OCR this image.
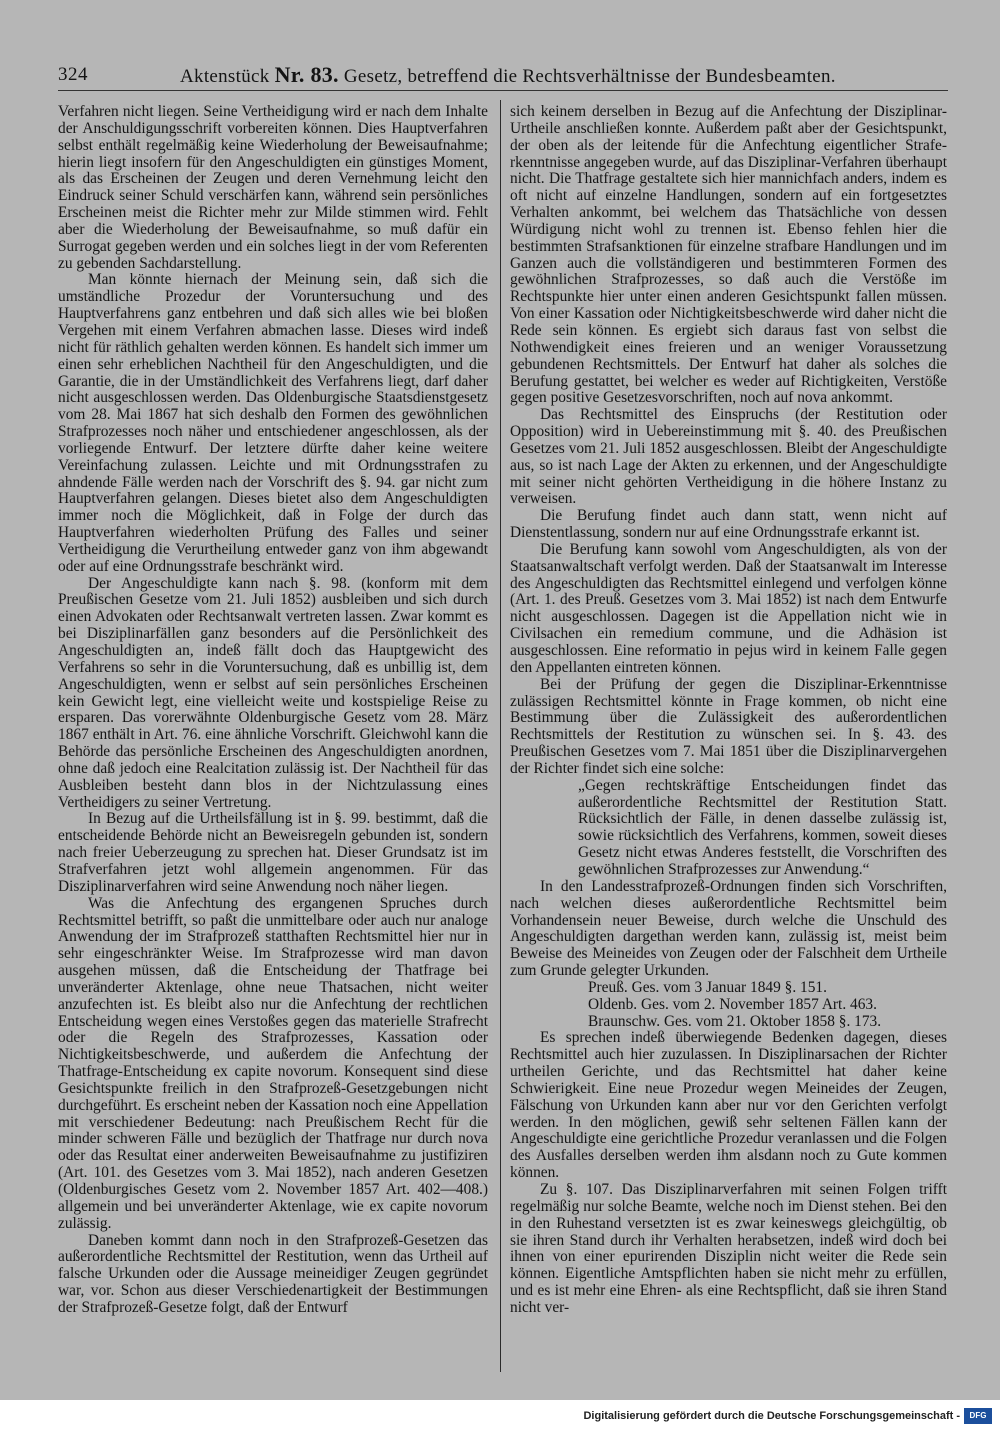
324	Aktenstück Nr. 83. Gesetz, betreffend die Rechtsverhältnisse der Bundesbeamten.

Verfahren nicht liegen. Seine Vertheidigung wird er nach dem Inhalte der Anschuldigungsschrift vorbereiten können. Dies Hauptverfahren selbst enthält regelmäßig keine Wiederholung der Beweisaufnahme; hierin liegt insofern für den Angeschuldigten ein günstiges Moment, als das Erscheinen der Zeugen und deren Vernehmung leicht den Eindruck seiner Schuld verschärfen kann, während sein persönliches Erscheinen meist die Richter mehr zur Milde stimmen wird. Fehlt aber die Wiederholung der Beweisaufnahme, so muß dafür ein Surrogat gegeben werden und ein solches liegt in der vom Referenten zu gebenden Sachdarstellung.

Man könnte hiernach der Meinung sein, daß sich die umständliche Prozedur der Voruntersuchung und des Hauptverfahrens ganz entbehren und daß sich alles wie bei bloßen Vergehen mit einem Verfahren abmachen lasse. Dieses wird indeß nicht für räthlich gehalten werden können. Es handelt sich immer um einen sehr erheblichen Nachtheil für den Angeschuldigten, und die Garantie, die in der Umständlichkeit des Verfahrens liegt, darf daher nicht ausgeschlossen werden. Das Oldenburgische Staatsdienstgesetz vom 28. Mai 1867 hat sich deshalb den Formen des gewöhnlichen Strafprozesses noch näher und entschiedener angeschlossen, als der vorliegende Entwurf. Der letztere dürfte daher keine weitere Vereinfachung zulassen. Leichte und mit Ordnungsstrafen zu ahndende Fälle werden nach der Vorschrift des §. 94. gar nicht zum Hauptverfahren gelangen. Dieses bietet also dem Angeschuldigten immer noch die Möglichkeit, daß in Folge der durch das Hauptverfahren wiederholten Prüfung des Falles und seiner Vertheidigung die Verurtheilung entweder ganz von ihm abgewandt oder auf eine Ordnungsstrafe beschränkt wird.

Der Angeschuldigte kann nach §. 98. (konform mit dem Preußischen Gesetze vom 21. Juli 1852) ausbleiben und sich durch einen Advokaten oder Rechtsanwalt vertreten lassen. Zwar kommt es bei Disziplinarfällen ganz besonders auf die Persönlichkeit des Angeschuldigten an, indeß fällt doch das Hauptgewicht des Verfahrens so sehr in die Voruntersuchung, daß es unbillig ist, dem Angeschuldigten, wenn er selbst auf sein persönliches Erscheinen kein Gewicht legt, eine vielleicht weite und kostspielige Reise zu ersparen. Das vorerwähnte Oldenburgische Gesetz vom 28. März 1867 enthält in Art. 76. eine ähnliche Vorschrift. Gleichwohl kann die Behörde das persönliche Erscheinen des Angeschuldigten anordnen, ohne daß jedoch eine Realcitation zulässig ist. Der Nachtheil für das Ausbleiben besteht dann blos in der Nichtzulassung eines Vertheidigers zu seiner Vertretung.

In Bezug auf die Urtheilsfällung ist in §. 99. bestimmt, daß die entscheidende Behörde nicht an Beweisregeln gebunden ist, sondern nach freier Ueberzeugung zu sprechen hat. Dieser Grundsatz ist im Strafverfahren jetzt wohl allgemein angenommen. Für das Disziplinarverfahren wird seine Anwendung noch näher liegen.

Was die Anfechtung des ergangenen Spruches durch Rechtsmittel betrifft, so paßt die unmittelbare oder auch nur analoge Anwendung der im Strafprozeß statthaften Rechtsmittel hier nur in sehr eingeschränkter Weise. Im Strafprozesse wird man davon ausgehen müssen, daß die Entscheidung der Thatfrage bei unveränderter Aktenlage, ohne neue Thatsachen, nicht weiter anzufechten ist. Es bleibt also nur die Anfechtung der rechtlichen Entscheidung wegen eines Verstoßes gegen das materielle Strafrecht oder die Regeln des Strafprozesses, Kassation oder Nichtigkeitsbeschwerde, und außerdem die Anfechtung der Thatfrage-Entscheidung ex capite novorum. Konsequent sind diese Gesichtspunkte freilich in den Strafprozeß-Gesetzgebungen nicht durchgeführt. Es erscheint neben der Kassation noch eine Appellation mit verschiedener Bedeutung: nach Preußischem Recht für die minder schweren Fälle und bezüglich der Thatfrage nur durch nova oder das Resultat einer anderweiten Beweisaufnahme zu justifiziren (Art. 101. des Gesetzes vom 3. Mai 1852), nach anderen Gesetzen (Oldenburgisches Gesetz vom 2. November 1857 Art. 402—408.) allgemein und bei unveränderter Aktenlage, wie ex capite novorum zulässig.

Daneben kommt dann noch in den Strafprozeß-Gesetzen das außerordentliche Rechtsmittel der Restitution, wenn das Urtheil auf falsche Urkunden oder die Aussage meineidiger Zeugen gegründet war, vor. Schon aus dieser Verschiedenartigkeit der Bestimmungen der Strafprozeß-Gesetze folgt, daß der Entwurf

sich keinem derselben in Bezug auf die Anfechtung der Disziplinar-Urtheile anschließen konnte. Außerdem paßt aber der Gesichtspunkt, der oben als der leitende für die Anfechtung eigentlicher Straferkenntnisse angegeben wurde, auf das Disziplinar-Verfahren überhaupt nicht. Die Thatfrage gestaltete sich hier mannichfach anders, indem es oft nicht auf einzelne Handlungen, sondern auf ein fortgesetztes Verhalten ankommt, bei welchem das Thatsächliche von dessen Würdigung nicht wohl zu trennen ist. Ebenso fehlen hier die bestimmten Strafsanktionen für einzelne strafbare Handlungen und im Ganzen auch die vollständigeren und bestimmteren Formen des gewöhnlichen Strafprozesses, so daß auch die Verstöße im Rechtspunkte hier unter einen anderen Gesichtspunkt fallen müssen. Von einer Kassation oder Nichtigkeitsbeschwerde wird daher nicht die Rede sein können. Es ergiebt sich daraus fast von selbst die Nothwendigkeit eines freieren und an weniger Voraussetzung gebundenen Rechtsmittels. Der Entwurf hat daher als solches die Berufung gestattet, bei welcher es weder auf Richtigkeiten, Verstöße gegen positive Gesetzesvorschriften, noch auf nova ankommt.

Das Rechtsmittel des Einspruchs (der Restitution oder Opposition) wird in Uebereinstimmung mit §. 40. des Preußischen Gesetzes vom 21. Juli 1852 ausgeschlossen. Bleibt der Angeschuldigte aus, so ist nach Lage der Akten zu erkennen, und der Angeschuldigte mit seiner nicht gehörten Vertheidigung in die höhere Instanz zu verweisen.

Die Berufung findet auch dann statt, wenn nicht auf Dienstentlassung, sondern nur auf eine Ordnungsstrafe erkannt ist.

Die Berufung kann sowohl vom Angeschuldigten, als von der Staatsanwaltschaft verfolgt werden. Daß der Staatsanwalt im Interesse des Angeschuldigten das Rechtsmittel einlegend und verfolgen könne (Art. 1. des Preuß. Gesetzes vom 3. Mai 1852) ist nach dem Entwurfe nicht ausgeschlossen. Dagegen ist die Appellation nicht wie in Civilsachen ein remedium commune, und die Adhäsion ist ausgeschlossen. Eine reformatio in pejus wird in keinem Falle gegen den Appellanten eintreten können.

Bei der Prüfung der gegen die Disziplinar-Erkenntnisse zulässigen Rechtsmittel könnte in Frage kommen, ob nicht eine Bestimmung über die Zulässigkeit des außerordentlichen Rechtsmittels der Restitution zu wünschen sei. In §. 43. des Preußischen Gesetzes vom 7. Mai 1851 über die Disziplinarvergehen der Richter findet sich eine solche:

„Gegen rechtskräftige Entscheidungen findet das außerordentliche Rechtsmittel der Restitution Statt. Rücksichtlich der Fälle, in denen dasselbe zulässig ist, sowie rücksichtlich des Verfahrens, kommen, soweit dieses Gesetz nicht etwas Anderes feststellt, die Vorschriften des gewöhnlichen Strafprozesses zur Anwendung.“

In den Landesstrafprozeß-Ordnungen finden sich Vorschriften, nach welchen dieses außerordentliche Rechtsmittel beim Vorhandensein neuer Beweise, durch welche die Unschuld des Angeschuldigten dargethan werden kann, zulässig ist, meist beim Beweise des Meineides von Zeugen oder der Falschheit dem Urtheile zum Grunde gelegter Urkunden.

Preuß. Ges. vom 3 Januar 1849 §. 151.

Oldenb. Ges. vom 2. November 1857 Art. 463.

Braunschw. Ges. vom 21. Oktober 1858 §. 173.

Es sprechen indeß überwiegende Bedenken dagegen, dieses Rechtsmittel auch hier zuzulassen. In Disziplinarsachen der Richter urtheilen Gerichte, und das Rechtsmittel hat daher keine Schwierigkeit. Eine neue Prozedur wegen Meineides der Zeugen, Fälschung von Urkunden kann aber nur vor den Gerichten verfolgt werden. In den möglichen, gewiß sehr seltenen Fällen kann der Angeschuldigte eine gerichtliche Prozedur veranlassen und die Folgen des Ausfalles derselben werden ihm alsdann noch zu Gute kommen können.

Zu §. 107. Das Disziplinarverfahren mit seinen Folgen trifft regelmäßig nur solche Beamte, welche noch im Dienst stehen. Bei den in den Ruhestand versetzten ist es zwar keineswegs gleichgültig, ob sie ihren Stand durch ihr Verhalten herabsetzen, indeß wird doch bei ihnen von einer epurirenden Disziplin nicht weiter die Rede sein können. Eigentliche Amtspflichten haben sie nicht mehr zu erfüllen, und es ist mehr eine Ehren- als eine Rechtspflicht, daß sie ihren Stand nicht ver-

Digitalisierung gefördert durch die Deutsche Forschungsgemeinschaft -	DFG
